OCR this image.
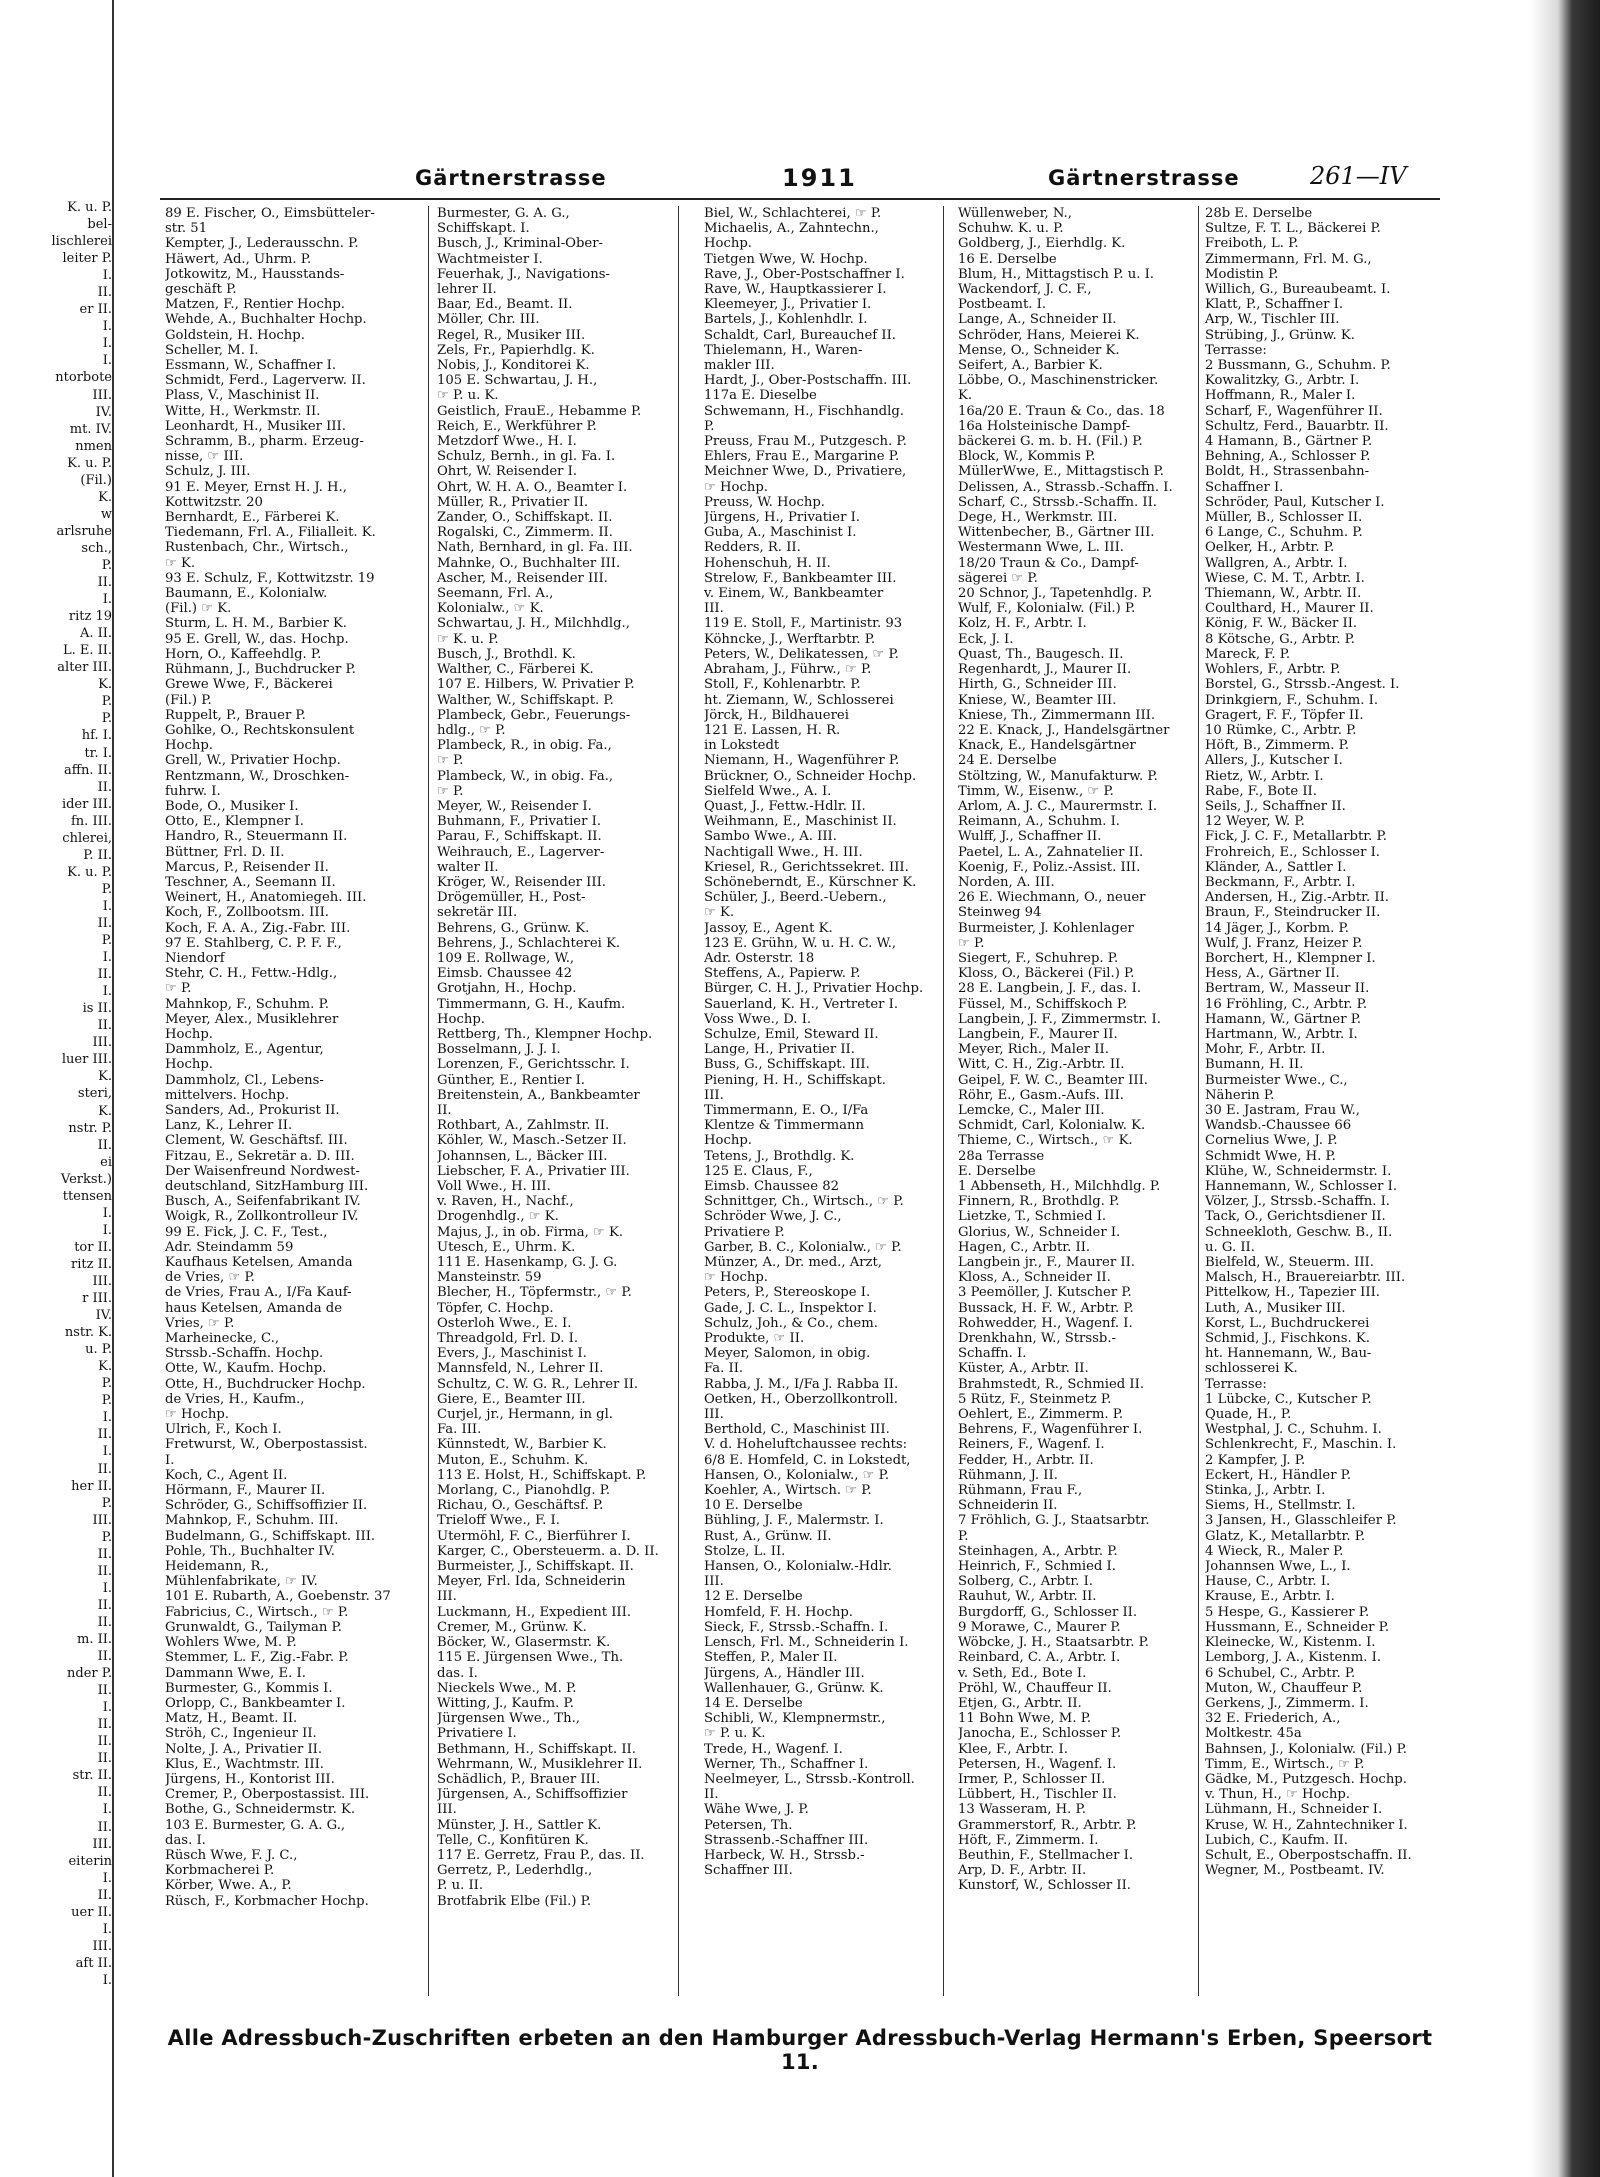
K. u. P.
bel-
lischlerei
leiter P.
I.
II.
er II.
I.
I.
I.
ntorbote
III.
IV.
mt. IV.
nmen
K. u. P.
(Fil.)
K.
w
arlsruhe
sch.,
P.
II.
I.
ritz 19
A. II.
L. E. II.
alter III.
K.
P.
P.
hf. I.
tr. I.
affn. II.
II.
ider III.
fn. III.
chlerei,
P. II.
K. u. P.
P.
I.
II.
P.
I.
II.
I.
is II.
II.
III.
luer III.
K.
steri,
K.
nstr. P.
II.
ei
Verkst.)
ttensen
I.
I.
tor II.
ritz II.
III.
r III.
IV.
nstr. K.
u. P.
K.
P.
P.
I.
II.
I.
II.
her II.
P.
III.
P.
II.
II.
I.
II.
II.
m. II.
II.
nder P.
II.
I.
II.
II.
II.
str. II.
II.
I.
II.
III.
eiterin
I.
II.
uer II.
I.
III.
aft II.
I.
Gärtnerstrasse	1911	Gärtnerstrasse	261—IV
89 E. Fischer, O., Eimsbütteler-
str. 51
Kempter, J., Lederausschn. P.
Häwert, Ad., Uhrm. P.
Jotkowitz, M., Hausstands-
geschäft P.
Matzen, F., Rentier Hochp.
Wehde, A., Buchhalter Hochp.
Goldstein, H. Hochp.
Scheller, M. I.
Essmann, W., Schaffner I.
Schmidt, Ferd., Lagerverw. II.
Plass, V., Maschinist II.
Witte, H., Werkmstr. II.
Leonhardt, H., Musiker III.
Schramm, B., pharm. Erzeug-
nisse, ☞ III.
Schulz, J. III.
91 E. Meyer, Ernst H. J. H.,
Kottwitzstr. 20
Bernhardt, E., Färberei K.
Tiedemann, Frl. A., Filialleit. K.
Rustenbach, Chr., Wirtsch.,
☞ K.
93 E. Schulz, F., Kottwitzstr. 19
Baumann, E., Kolonialw.
(Fil.) ☞ K.
Sturm, L. H. M., Barbier K.
95 E. Grell, W., das. Hochp.
Horn, O., Kaffeehdlg. P.
Rühmann, J., Buchdrucker P.
Grewe Wwe, F., Bäckerei
(Fil.) P.
Ruppelt, P., Brauer P.
Gohlke, O., Rechtskonsulent
Hochp.
Grell, W., Privatier Hochp.
Rentzmann, W., Droschken-
fuhrw. I.
Bode, O., Musiker I.
Otto, E., Klempner I.
Handro, R., Steuermann II.
Büttner, Frl. D. II.
Marcus, P., Reisender II.
Teschner, A., Seemann II.
Weinert, H., Anatomiegeh. III.
Koch, F., Zollbootsm. III.
Koch, F. A. A., Zig.-Fabr. III.
97 E. Stahlberg, C. P. F. F.,
Niendorf
Stehr, C. H., Fettw.-Hdlg.,
☞ P.
Mahnkop, F., Schuhm. P.
Meyer, Alex., Musiklehrer
Hochp.
Dammholz, E., Agentur,
Hochp.
Dammholz, Cl., Lebens-
mittelvers. Hochp.
Sanders, Ad., Prokurist II.
Lanz, K., Lehrer II.
Clement, W. Geschäftsf. III.
Fitzau, E., Sekretär a. D. III.
Der Waisenfreund Nordwest-
deutschland, SitzHamburg III.
Busch, A., Seifenfabrikant IV.
Woigk, R., Zollkontrolleur IV.
99 E. Fick, J. C. F., Test.,
Adr. Steindamm 59
Kaufhaus Ketelsen, Amanda
de Vries, ☞ P.
de Vries, Frau A., I/Fa Kauf-
haus Ketelsen, Amanda de
Vries, ☞ P.
Marheinecke, C.,
Strssb.-Schaffn. Hochp.
Otte, W., Kaufm. Hochp.
Otte, H., Buchdrucker Hochp.
de Vries, H., Kaufm.,
☞ Hochp.
Ulrich, F., Koch I.
Fretwurst, W., Oberpostassist.
I.
Koch, C., Agent II.
Hörmann, F., Maurer II.
Schröder, G., Schiffsoffizier II.
Mahnkop, F., Schuhm. III.
Budelmann, G., Schiffskapt. III.
Pohle, Th., Buchhalter IV.
Heidemann, R.,
Mühlenfabrikate, ☞ IV.
101 E. Rubarth, A., Goebenstr. 37
Fabricius, C., Wirtsch., ☞ P.
Grunwaldt, G., Tailyman P.
Wohlers Wwe, M. P.
Stemmer, L. F., Zig.-Fabr. P.
Dammann Wwe, E. I.
Burmester, G., Kommis I.
Orlopp, C., Bankbeamter I.
Matz, H., Beamt. II.
Ströh, C., Ingenieur II.
Nolte, J. A., Privatier II.
Klus, E., Wachtmstr. III.
Jürgens, H., Kontorist III.
Cremer, P., Oberpostassist. III.
Bothe, G., Schneidermstr. K.
103 E. Burmester, G. A. G.,
das. I.
Rüsch Wwe, F. J. C.,
Korbmacherei P.
Körber, Wwe. A., P.
Rüsch, F., Korbmacher Hochp.
Burmester, G. A. G.,
Schiffskapt. I.
Busch, J., Kriminal-Ober-
Wachtmeister I.
Feuerhak, J., Navigations-
lehrer II.
Baar, Ed., Beamt. II.
Möller, Chr. III.
Regel, R., Musiker III.
Zels, Fr., Papierhdlg. K.
Nobis, J., Konditorei K.
105 E. Schwartau, J. H.,
☞ P. u. K.
Geistlich, FrauE., Hebamme P.
Reich, E., Werkführer P.
Metzdorf Wwe., H. I.
Schulz, Bernh., in gl. Fa. I.
Ohrt, W. Reisender I.
Ohrt, W. H. A. O., Beamter I.
Müller, R., Privatier II.
Zander, O., Schiffskapt. II.
Rogalski, C., Zimmerm. II.
Nath, Bernhard, in gl. Fa. III.
Mahnke, O., Buchhalter III.
Ascher, M., Reisender III.
Seemann, Frl. A.,
Kolonialw., ☞ K.
Schwartau, J. H., Milchhdlg.,
☞ K. u. P.
Busch, J., Brothdl. K.
Walther, C., Färberei K.
107 E. Hilbers, W. Privatier P.
Walther, W., Schiffskapt. P.
Plambeck, Gebr., Feuerungs-
hdlg., ☞ P.
Plambeck, R., in obig. Fa.,
☞ P.
Plambeck, W., in obig. Fa.,
☞ P.
Meyer, W., Reisender I.
Buhmann, F., Privatier I.
Parau, F., Schiffskapt. II.
Weihrauch, E., Lagerver-
walter II.
Kröger, W., Reisender III.
Drögemüller, H., Post-
sekretär III.
Behrens, G., Grünw. K.
Behrens, J., Schlachterei K.
109 E. Rollwage, W.,
Eimsb. Chaussee 42
Grotjahn, H., Hochp.
Timmermann, G. H., Kaufm.
Hochp.
Rettberg, Th., Klempner Hochp.
Bosselmann, J. J. I.
Lorenzen, F., Gerichtsschr. I.
Günther, E., Rentier I.
Breitenstein, A., Bankbeamter
II.
Rothbart, A., Zahlmstr. II.
Köhler, W., Masch.-Setzer II.
Johannsen, L., Bäcker III.
Liebscher, F. A., Privatier III.
Voll Wwe., H. III.
v. Raven, H., Nachf.,
Drogenhdlg., ☞ K.
Majus, J., in ob. Firma, ☞ K.
Utesch, E., Uhrm. K.
111 E. Hasenkamp, G. J. G.
Mansteinstr. 59
Blecher, H., Töpfermstr., ☞ P.
Töpfer, C. Hochp.
Osterloh Wwe., E. I.
Threadgold, Frl. D. I.
Evers, J., Maschinist I.
Mannsfeld, N., Lehrer II.
Schultz, C. W. G. R., Lehrer II.
Giere, E., Beamter III.
Curjel, jr., Hermann, in gl.
Fa. III.
Künnstedt, W., Barbier K.
Muton, E., Schuhm. K.
113 E. Holst, H., Schiffskapt. P.
Morlang, C., Pianohdlg. P.
Richau, O., Geschäftsf. P.
Trieloff Wwe., F. I.
Utermöhl, F. C., Bierführer I.
Karger, C., Obersteuerm. a. D. II.
Burmeister, J., Schiffskapt. II.
Meyer, Frl. Ida, Schneiderin
III.
Luckmann, H., Expedient III.
Cremer, M., Grünw. K.
Böcker, W., Glasermstr. K.
115 E. Jürgensen Wwe., Th.
das. I.
Nieckels Wwe., M. P.
Witting, J., Kaufm. P.
Jürgensen Wwe., Th.,
Privatiere I.
Bethmann, H., Schiffskapt. II.
Wehrmann, W., Musiklehrer II.
Schädlich, P., Brauer III.
Jürgensen, A., Schiffsoffizier
III.
Münster, J. H., Sattler K.
Telle, C., Konfitüren K.
117 E. Gerretz, Frau P., das. II.
Gerretz, P., Lederhdlg.,
P. u. II.
Brotfabrik Elbe (Fil.) P.
Biel, W., Schlachterei, ☞ P.
Michaelis, A., Zahntechn.,
Hochp.
Tietgen Wwe, W. Hochp.
Rave, J., Ober-Postschaffner I.
Rave, W., Hauptkassierer I.
Kleemeyer, J., Privatier I.
Bartels, J., Kohlenhdlr. I.
Schaldt, Carl, Bureauchef II.
Thielemann, H., Waren-
makler III.
Hardt, J., Ober-Postschaffn. III.
117a E. Dieselbe
Schwemann, H., Fischhandlg.
P.
Preuss, Frau M., Putzgesch. P.
Ehlers, Frau E., Margarine P.
Meichner Wwe, D., Privatiere,
☞ Hochp.
Preuss, W. Hochp.
Jürgens, H., Privatier I.
Guba, A., Maschinist I.
Redders, R. II.
Hohenschuh, H. II.
Strelow, F., Bankbeamter III.
v. Einem, W., Bankbeamter
III.
119 E. Stoll, F., Martinistr. 93
Köhncke, J., Werftarbtr. P.
Peters, W., Delikatessen, ☞ P.
Abraham, J., Führw., ☞ P.
Stoll, F., Kohlenarbtr. P.
ht. Ziemann, W., Schlosserei
Jörck, H., Bildhauerei
121 E. Lassen, H. R.
in Lokstedt
Niemann, H., Wagenführer P.
Brückner, O., Schneider Hochp.
Sielfeld Wwe., A. I.
Quast, J., Fettw.-Hdlr. II.
Weihmann, E., Maschinist II.
Sambo Wwe., A. III.
Nachtigall Wwe., H. III.
Kriesel, R., Gerichtssekret. III.
Schöneberndt, E., Kürschner K.
Schüler, J., Beerd.-Uebern.,
☞ K.
Jassoy, E., Agent K.
123 E. Grühn, W. u. H. C. W.,
Adr. Osterstr. 18
Steffens, A., Papierw. P.
Bürger, C. H. J., Privatier Hochp.
Sauerland, K. H., Vertreter I.
Voss Wwe., D. I.
Schulze, Emil, Steward II.
Lange, H., Privatier II.
Buss, G., Schiffskapt. III.
Piening, H. H., Schiffskapt.
III.
Timmermann, E. O., I/Fa
Klentze & Timmermann
Hochp.
Tetens, J., Brothdlg. K.
125 E. Claus, F.,
Eimsb. Chaussee 82
Schnittger, Ch., Wirtsch., ☞ P.
Schröder Wwe, J. C.,
Privatiere P.
Garber, B. C., Kolonialw., ☞ P.
Münzer, A., Dr. med., Arzt,
☞ Hochp.
Peters, P., Stereoskope I.
Gade, J. C. L., Inspektor I.
Schulz, Joh., & Co., chem.
Produkte, ☞ II.
Meyer, Salomon, in obig.
Fa. II.
Rabba, J. M., I/Fa J. Rabba II.
Oetken, H., Oberzollkontroll.
III.
Berthold, C., Maschinist III.
V. d. Hoheluftchaussee rechts:
6/8 E. Homfeld, C. in Lokstedt,
Hansen, O., Kolonialw., ☞ P.
Koehler, A., Wirtsch. ☞ P.
10 E. Derselbe
Bühling, J. F., Malermstr. I.
Rust, A., Grünw. II.
Stolze, L. II.
Hansen, O., Kolonialw.-Hdlr.
III.
12 E. Derselbe
Homfeld, F. H. Hochp.
Sieck, F., Strssb.-Schaffn. I.
Lensch, Frl. M., Schneiderin I.
Steffen, P., Maler II.
Jürgens, A., Händler III.
Wallenhauer, G., Grünw. K.
14 E. Derselbe
Schibli, W., Klempnermstr.,
☞ P. u. K.
Trede, H., Wagenf. I.
Werner, Th., Schaffner I.
Neelmeyer, L., Strssb.-Kontroll.
II.
Wähe Wwe, J. P.
Petersen, Th.
Strassenb.-Schaffner III.
Harbeck, W. H., Strssb.-
Schaffner III.
Wüllenweber, N.,
Schuhw. K. u. P.
Goldberg, J., Eierhdlg. K.
16 E. Derselbe
Blum, H., Mittagstisch P. u. I.
Wackendorf, J. C. F.,
Postbeamt. I.
Lange, A., Schneider II.
Schröder, Hans, Meierei K.
Mense, O., Schneider K.
Seifert, A., Barbier K.
Löbbe, O., Maschinenstricker.
K.
16a/20 E. Traun & Co., das. 18
16a Holsteinische Dampf-
bäckerei G. m. b. H. (Fil.) P.
Block, W., Kommis P.
MüllerWwe, E., Mittagstisch P.
Delissen, A., Strassb.-Schaffn. I.
Scharf, C., Strssb.-Schaffn. II.
Dege, H., Werkmstr. III.
Wittenbecher, B., Gärtner III.
Westermann Wwe, L. III.
18/20 Traun & Co., Dampf-
sägerei ☞ P.
20 Schnor, J., Tapetenhdlg. P.
Wulf, F., Kolonialw. (Fil.) P.
Kolz, H. F., Arbtr. I.
Eck, J. I.
Quast, Th., Baugesch. II.
Regenhardt, J., Maurer II.
Hirth, G., Schneider III.
Kniese, W., Beamter III.
Kniese, Th., Zimmermann III.
22 E. Knack, J., Handelsgärtner
Knack, E., Handelsgärtner
24 E. Derselbe
Stöltzing, W., Manufakturw. P.
Timm, W., Eisenw., ☞ P.
Arlom, A. J. C., Maurermstr. I.
Reimann, A., Schuhm. I.
Wulff, J., Schaffner II.
Paetel, L. A., Zahnatelier II.
Koenig, F., Poliz.-Assist. III.
Norden, A. III.
26 E. Wiechmann, O., neuer
Steinweg 94
Burmeister, J. Kohlenlager
☞ P.
Siegert, F., Schuhrep. P.
Kloss, O., Bäckerei (Fil.) P.
28 E. Langbein, J. F., das. I.
Füssel, M., Schiffskoch P.
Langbein, J. F., Zimmermstr. I.
Langbein, F., Maurer II.
Meyer, Rich., Maler II.
Witt, C. H., Zig.-Arbtr. II.
Geipel, F. W. C., Beamter III.
Röhr, E., Gasm.-Aufs. III.
Lemcke, C., Maler III.
Schmidt, Carl, Kolonialw. K.
Thieme, C., Wirtsch., ☞ K.
28a Terrasse
E. Derselbe
1 Abbenseth, H., Milchhdlg. P.
Finnern, R., Brothdlg. P.
Lietzke, T., Schmied I.
Glorius, W., Schneider I.
Hagen, C., Arbtr. II.
Langbein jr., F., Maurer II.
Kloss, A., Schneider II.
3 Peemöller, J. Kutscher P.
Bussack, H. F. W., Arbtr. P.
Rohwedder, H., Wagenf. I.
Drenkhahn, W., Strssb.-
Schaffn. I.
Küster, A., Arbtr. II.
Brahmstedt, R., Schmied II.
5 Rütz, F., Steinmetz P.
Oehlert, E., Zimmerm. P.
Behrens, F., Wagenführer I.
Reiners, F., Wagenf. I.
Fedder, H., Arbtr. II.
Rühmann, J. II.
Rühmann, Frau F.,
Schneiderin II.
7 Fröhlich, G. J., Staatsarbtr.
P.
Steinhagen, A., Arbtr. P.
Heinrich, F., Schmied I.
Solberg, C., Arbtr. I.
Rauhut, W., Arbtr. II.
Burgdorff, G., Schlosser II.
9 Morawe, C., Maurer P.
Wöbcke, J. H., Staatsarbtr. P.
Reinbard, C. A., Arbtr. I.
v. Seth, Ed., Bote I.
Pröhl, W., Chauffeur II.
Etjen, G., Arbtr. II.
11 Bohn Wwe, M. P.
Janocha, E., Schlosser P.
Klee, F., Arbtr. I.
Petersen, H., Wagenf. I.
Irmer, P., Schlosser II.
Lübbert, H., Tischler II.
13 Wasseram, H. P.
Grammerstorf, R., Arbtr. P.
Höft, F., Zimmerm. I.
Beuthin, F., Stellmacher I.
Arp, D. F., Arbtr. II.
Kunstorf, W., Schlosser II.
28b E. Derselbe
Sultze, F. T. L., Bäckerei P.
Freiboth, L. P.
Zimmermann, Frl. M. G.,
Modistin P.
Willich, G., Bureaubeamt. I.
Klatt, P., Schaffner I.
Arp, W., Tischler III.
Strübing, J., Grünw. K.
Terrasse:
2 Bussmann, G., Schuhm. P.
Kowalitzky, G., Arbtr. I.
Hoffmann, R., Maler I.
Scharf, F., Wagenführer II.
Schultz, Ferd., Bauarbtr. II.
4 Hamann, B., Gärtner P.
Behning, A., Schlosser P.
Boldt, H., Strassenbahn-
Schaffner I.
Schröder, Paul, Kutscher I.
Müller, B., Schlosser II.
6 Lange, C., Schuhm. P.
Oelker, H., Arbtr. P.
Wallgren, A., Arbtr. I.
Wiese, C. M. T., Arbtr. I.
Thiemann, W., Arbtr. II.
Coulthard, H., Maurer II.
König, F. W., Bäcker II.
8 Kötsche, G., Arbtr. P.
Mareck, F. P.
Wohlers, F., Arbtr. P.
Borstel, G., Strssb.-Angest. I.
Drinkgiern, F., Schuhm. I.
Gragert, F. F., Töpfer II.
10 Rümke, C., Arbtr. P.
Höft, B., Zimmerm. P.
Allers, J., Kutscher I.
Rietz, W., Arbtr. I.
Rabe, F., Bote II.
Seils, J., Schaffner II.
12 Weyer, W. P.
Fick, J. C. F., Metallarbtr. P.
Frohreich, E., Schlosser I.
Kländer, A., Sattler I.
Beckmann, F., Arbtr. I.
Andersen, H., Zig.-Arbtr. II.
Braun, F., Steindrucker II.
14 Jäger, J., Korbm. P.
Wulf, J. Franz, Heizer P.
Borchert, H., Klempner I.
Hess, A., Gärtner II.
Bertram, W., Masseur II.
16 Fröhling, C., Arbtr. P.
Hamann, W., Gärtner P.
Hartmann, W., Arbtr. I.
Mohr, F., Arbtr. II.
Bumann, H. II.
Burmeister Wwe., C.,
Näherin P.
30 E. Jastram, Frau W.,
Wandsb.-Chaussee 66
Cornelius Wwe, J. P.
Schmidt Wwe, H. P.
Klühe, W., Schneidermstr. I.
Hannemann, W., Schlosser I.
Völzer, J., Strssb.-Schaffn. I.
Tack, O., Gerichtsdiener II.
Schneekloth, Geschw. B., II.
u. G. II.
Bielfeld, W., Steuerm. III.
Malsch, H., Brauereiarbtr. III.
Pittelkow, H., Tapezier III.
Luth, A., Musiker III.
Korst, L., Buchdruckerei
Schmid, J., Fischkons. K.
ht. Hannemann, W., Bau-
schlosserei K.
Terrasse:
1 Lübcke, C., Kutscher P.
Quade, H., P.
Westphal, J. C., Schuhm. I.
Schlenkrecht, F., Maschin. I.
2 Kampfer, J. P.
Eckert, H., Händler P.
Stinka, J., Arbtr. I.
Siems, H., Stellmstr. I.
3 Jansen, H., Glasschleifer P.
Glatz, K., Metallarbtr. P.
4 Wieck, R., Maler P.
Johannsen Wwe, L., I.
Hause, C., Arbtr. I.
Krause, E., Arbtr. I.
5 Hespe, G., Kassierer P.
Hussmann, E., Schneider P.
Kleinecke, W., Kistenm. I.
Lemborg, J. A., Kistenm. I.
6 Schubel, C., Arbtr. P.
Muton, W., Chauffeur P.
Gerkens, J., Zimmerm. I.
32 E. Friederich, A.,
Moltkestr. 45a
Bahnsen, J., Kolonialw. (Fil.) P.
Timm, E., Wirtsch., ☞ P.
Gädke, M., Putzgesch. Hochp.
v. Thun, H., ☞ Hochp.
Lühmann, H., Schneider I.
Kruse, W. H., Zahntechniker I.
Lubich, C., Kaufm. II.
Schult, E., Oberpostschaffn. II.
Wegner, M., Postbeamt. IV.
Alle Adressbuch-Zuschriften erbeten an den Hamburger Adressbuch-Verlag Hermann's Erben, Speersort 11.
